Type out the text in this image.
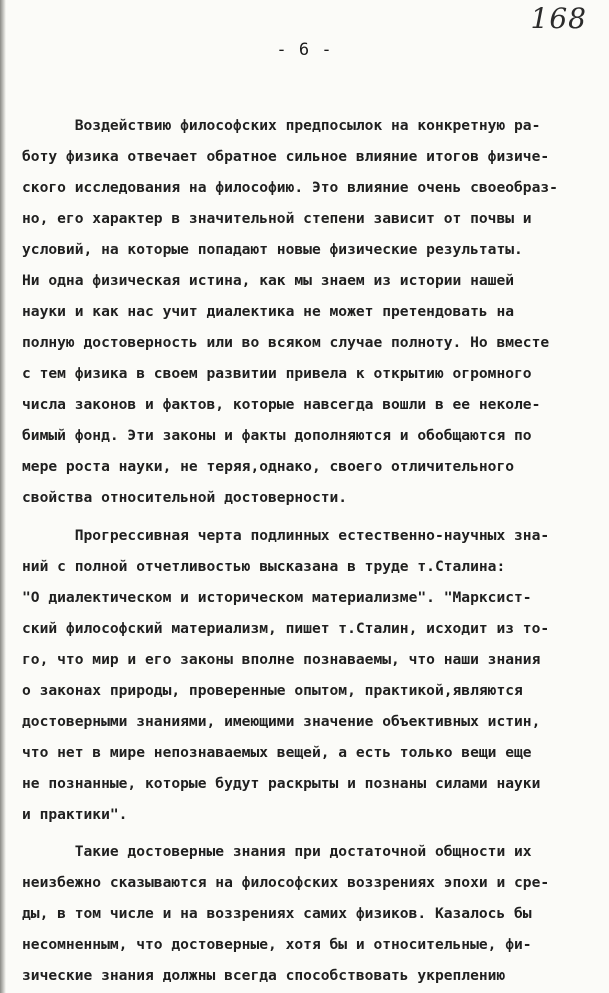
168
- 6 -
Воздействию философских предпосылок на конкретную ра-
боту физика отвечает обратное сильное влияние итогов физиче-
ского исследования на философию. Это влияние очень своеобраз-
но, его характер в значительной степени зависит от почвы и
условий, на которые попадают новые физические результаты.
Ни одна физическая истина, как мы знаем из истории нашей
науки и как нас учит диалектика не может претендовать на
полную достоверность или во всяком случае полноту. Но вместе
с тем физика в своем развитии привела к открытию огромного
числа законов и фактов, которые навсегда вошли в ее неколе-
бимый фонд. Эти законы и факты дополняются и обобщаются по
мере роста науки, не теряя,однако, своего отличительного
свойства относительной достоверности.
Прогрессивная черта подлинных естественно-научных зна-
ний с полной отчетливостью высказана в труде т.Сталина:
"О диалектическом и историческом материализме". "Марксист-
ский философский материализм, пишет т.Сталин, исходит из то-
го, что мир и его законы вполне познаваемы, что наши знания
о законах природы, проверенные опытом, практикой,являются
достоверными знаниями, имеющими значение объективных истин,
что нет в мире непознаваемых вещей, а есть только вещи еще
не познанные, которые будут раскрыты и познаны силами науки
и практики".
Такие достоверные знания при достаточной общности их
неизбежно сказываются на философских воззрениях эпохи и сре-
ды, в том числе и на воззрениях самих физиков. Казалось бы
несомненным, что достоверные, хотя бы и относительные, фи-
зические знания должны всегда способствовать укреплению
